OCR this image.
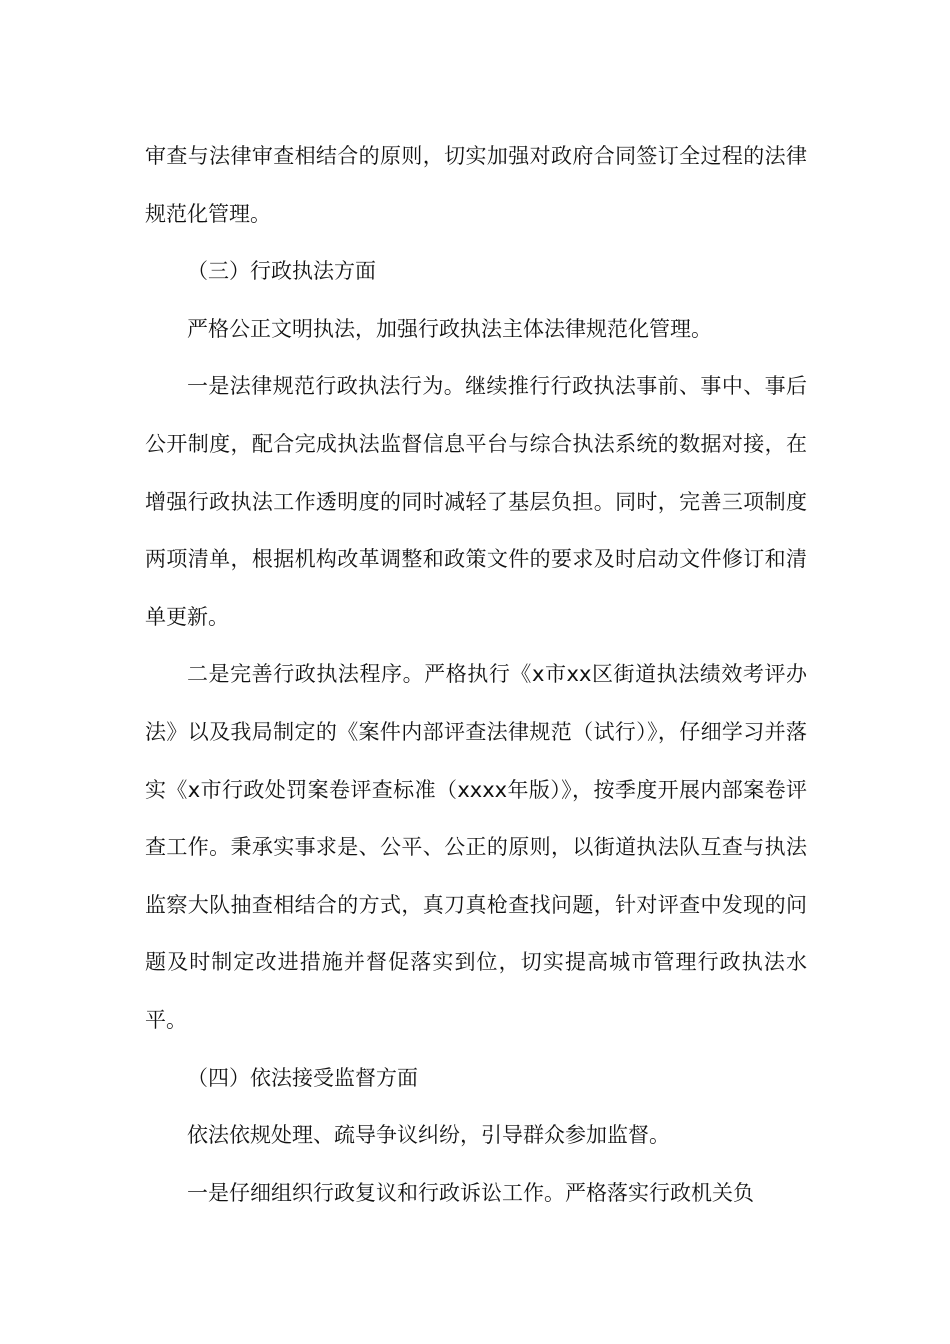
审查与法律审查相结合的原则，切实加强对政府合同签订全过程的法律规范化管理。

（三）行政执法方面

严格公正文明执法，加强行政执法主体法律规范化管理。

一是法律规范行政执法行为。继续推行行政执法事前、事中、事后公开制度，配合完成执法监督信息平台与综合执法系统的数据对接，在增强行政执法工作透明度的同时减轻了基层负担。同时，完善三项制度两项清单，根据机构改革调整和政策文件的要求及时启动文件修订和清单更新。

二是完善行政执法程序。严格执行《x市xx区街道执法绩效考评办法》以及我局制定的《案件内部评查法律规范（试行）》，仔细学习并落实《x市行政处罚案卷评查标准（xxxx年版）》，按季度开展内部案卷评查工作。秉承实事求是、公平、公正的原则，以街道执法队互查与执法监察大队抽查相结合的方式，真刀真枪查找问题，针对评查中发现的问题及时制定改进措施并督促落实到位，切实提高城市管理行政执法水平。

（四）依法接受监督方面

依法依规处理、疏导争议纠纷，引导群众参加监督。

一是仔细组织行政复议和行政诉讼工作。严格落实行政机关负
